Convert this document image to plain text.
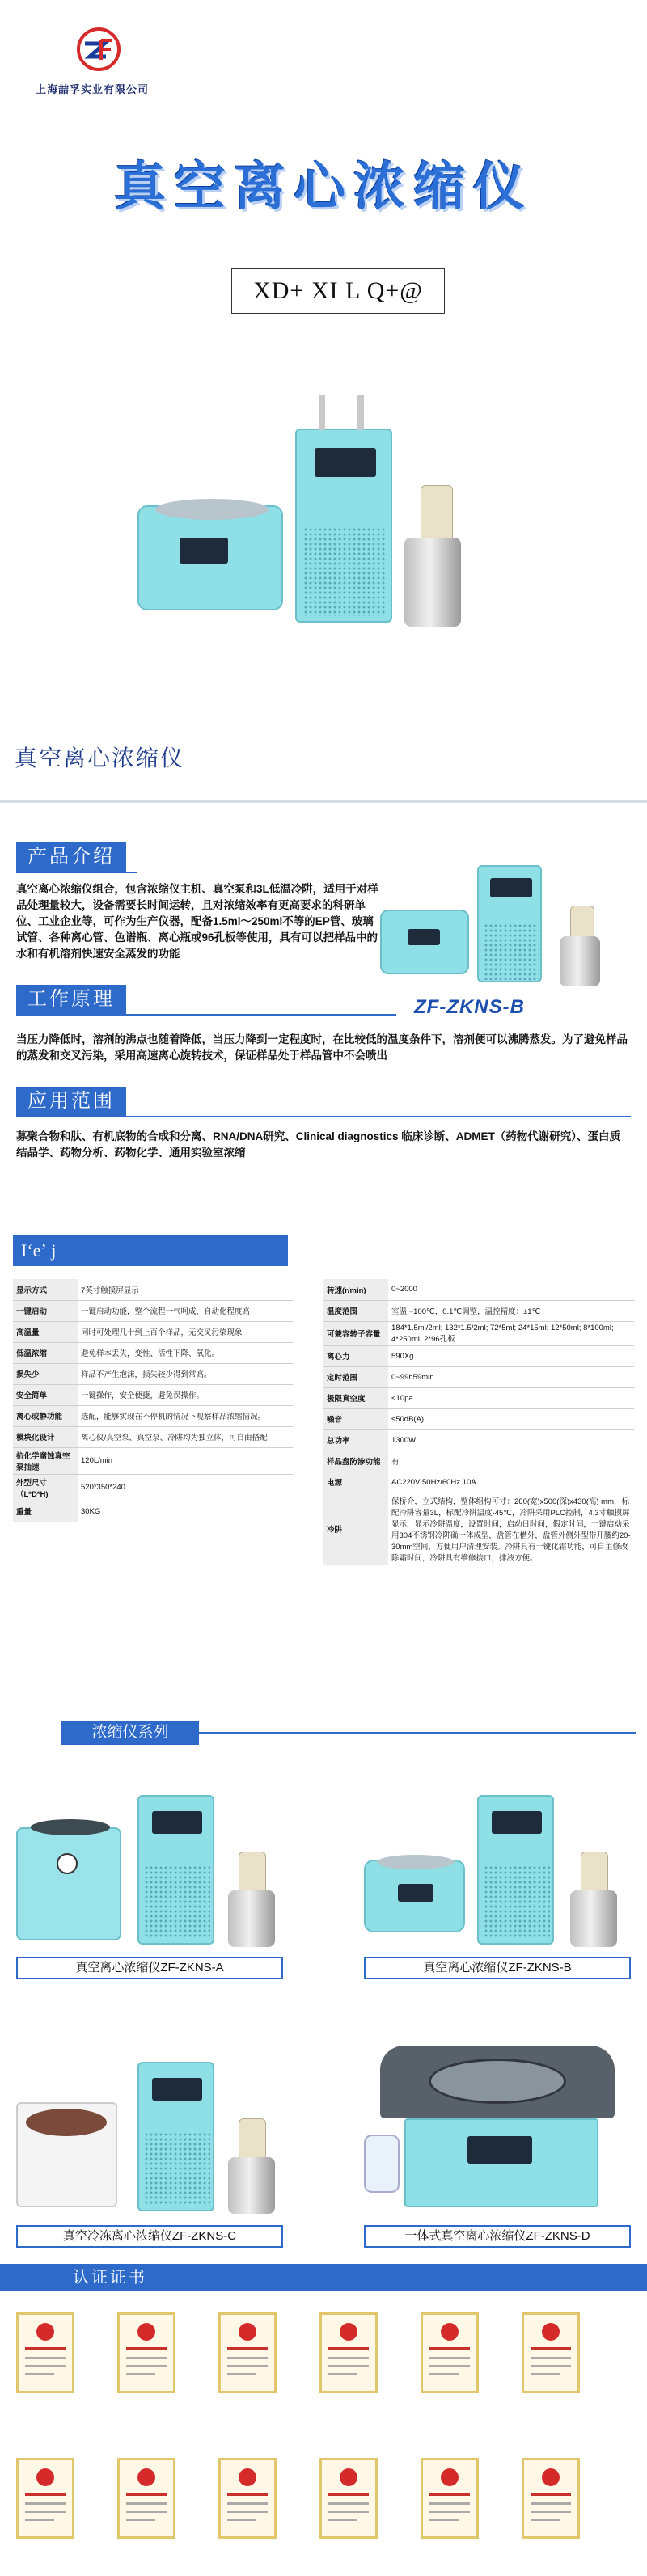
上海喆孚实业有限公司
真空离心浓缩仪
XD+ XI L Q+@
真空离心浓缩仪
产品介绍
真空离心浓缩仪组合，包含浓缩仪主机、真空泵和3L低温冷阱，适用于对样品处理量较大，设备需要长时间运转，且对浓缩效率有更高要求的科研单位、工业企业等，可作为生产仪器，配备1.5ml～250ml不等的EP管、玻璃试管、各种离心管、色谱瓶、离心瓶或96孔板等使用，具有可以把样品中的水和有机溶剂快速安全蒸发的功能
ZF-ZKNS-B
工作原理
当压力降低时，溶剂的沸点也随着降低，当压力降到一定程度时，在比较低的温度条件下，溶剂便可以沸腾蒸发。为了避免样品的蒸发和交叉污染，采用高速离心旋转技术，保证样品处于样品管中不会喷出
应用范围
募聚合物和肽、有机底物的合成和分离、RNA/DNA研究、Clinical diagnostics 临床诊断、ADMET（药物代谢研究）、蛋白质结晶学、药物分析、药物化学、通用实验室浓缩
Iʻeʼ j
显示方式	7英寸触摸屏显示
一键启动	一键启动功能，整个流程一气呵成，自动化程度高
高温量	同时可处理几十到上百个样品，无交叉污染现象
低温浓缩	避免样本丢失，变性、活性下降、氧化。
损失少	样品不产生泡沫，损失较少得到常高。
安全简单	一键操作，安全便捷，避免误操作。
离心或静功能	选配，能够实现在不停机的情况下观察样品浓缩情况。
模块化设计	离心仪/真空泵、真空泵、冷阱均为独立体，可自由搭配
抗化学腐蚀真空泵抽速	120L/min
外型尺寸（L*D*H)	520*350*240
重量	30KG
转速(r/min)	0~2000
温度范围	室温 ~100℃，0.1℃调整，温控精度：±1℃
可兼容转子容量	184*1.5ml/2ml; 132*1.5/2ml; 72*5ml; 24*15ml; 12*50ml; 8*100ml; 4*250ml, 2*96孔板
离心力	590Xg
定时范围	0~99h59min
极限真空度	<10pa
噪音	≤50dB(A)
总功率	1300W
样品盘防渗功能	有
电源	AC220V 50Hz/60Hz 10A
冷阱	保桥介，立式结构，整体组构可寸：260(宽)x500(深)x430(高) mm，标配冷阱容量3L，标配冷阱温度-45℃，冷阱采用PLC控制，4.3寸触摸屏显示，显示冷阱温度，设置时间，启动日时间，假定时间，一键启动采用304不锈钢冷阱确一体成型，盘管在槽外，盘管外侧外型带开腰约20-30mm空间，方便用户清理安装。冷阱具有一键化霜功能，可自主修改除霜时间，冷阱具有维修接口，排液方便。
浓缩仪系列
真空离心浓缩仪ZF-ZKNS-A	真空离心浓缩仪ZF-ZKNS-B
真空冷冻离心浓缩仪ZF-ZKNS-C	一体式真空离心浓缩仪ZF-ZKNS-D
认证证书
